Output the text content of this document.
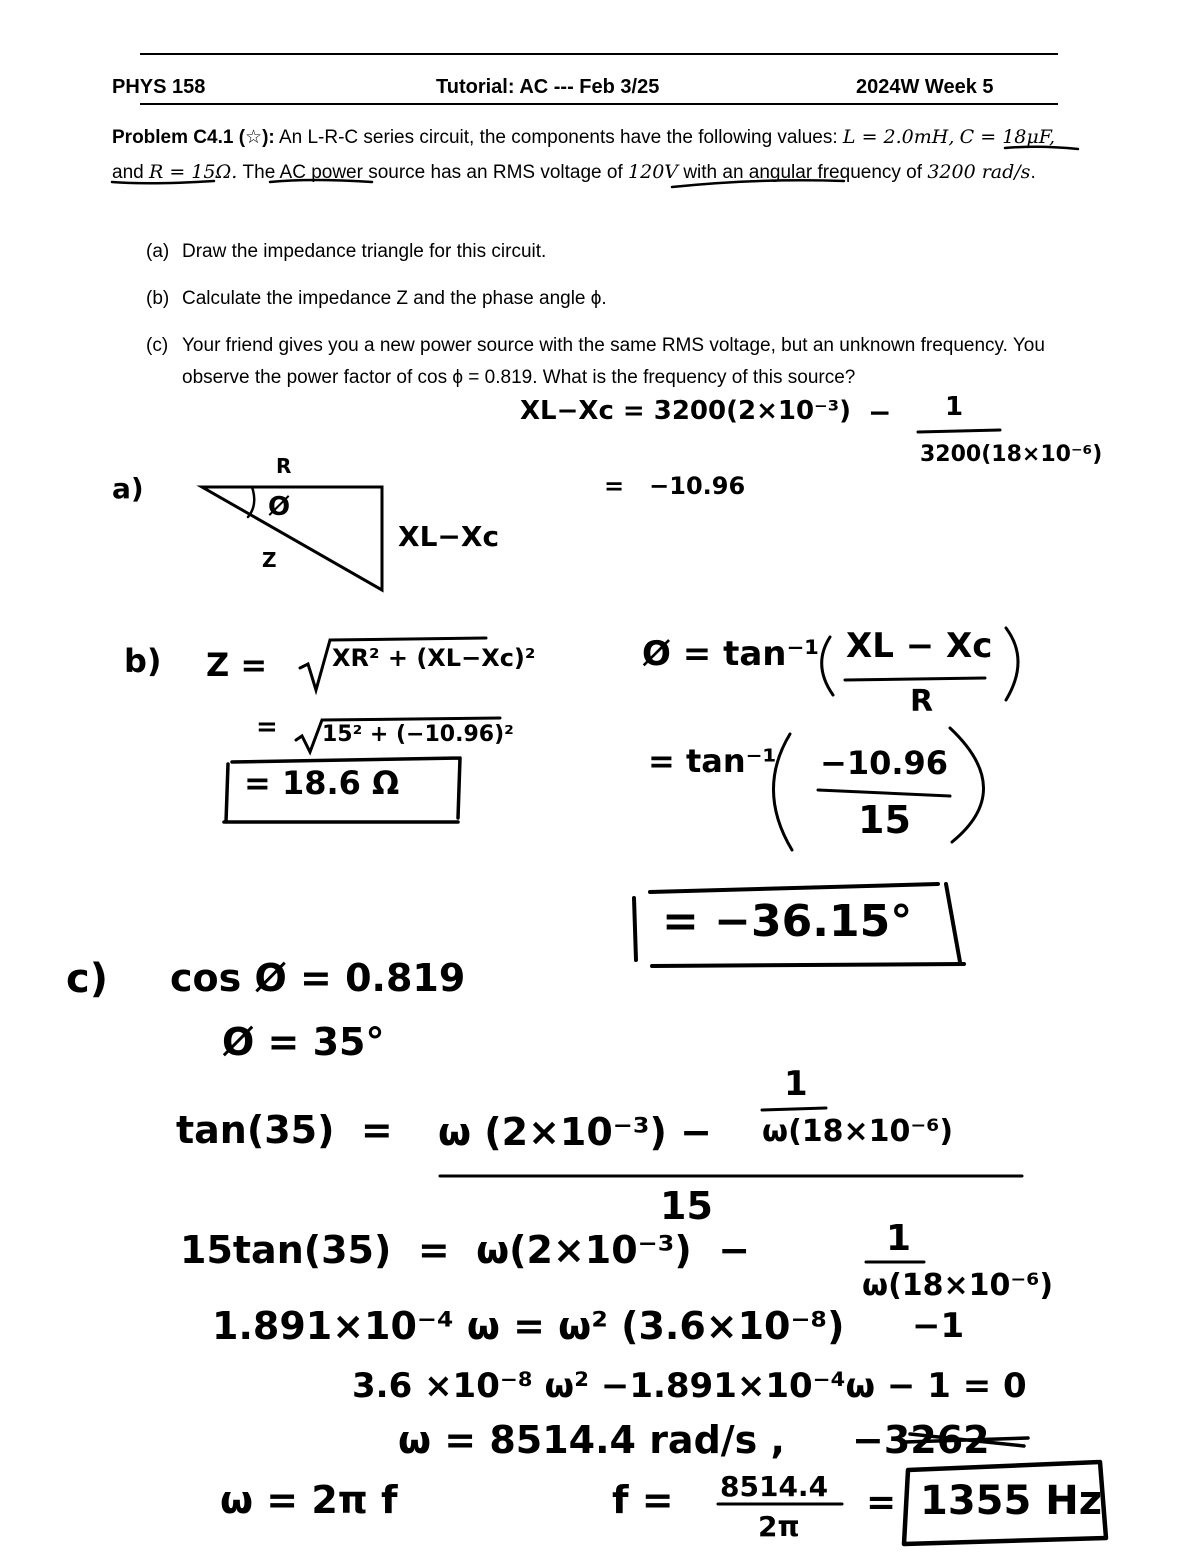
PHYS 158	Tutorial: AC --- Feb 3/25	2024W Week 5
Problem C4.1 (☆): An L-R-C series circuit, the components have the following values: L = 2.0mH, C = 18μF, and R = 15Ω. The AC power source has an RMS voltage of 120V with an angular frequency of 3200 rad/s.
(a) Draw the impedance triangle for this circuit.
(b) Calculate the impedance Z and the phase angle ϕ.
(c) Your friend gives you a new power source with the same RMS voltage, but an unknown frequency. You observe the power factor of cos ϕ = 0.819. What is the frequency of this source?
XL−Xc = 3200(2×10⁻³) − 1
3200(18×10⁻⁶)
=   −10.96
a)
R
Ø
Z
XL−Xc
b) Z =	XR² + (XL−Xc)²
= 15² + (−10.96)²
= 18.6 Ω
Ø = tan⁻¹ XL − Xc
R
= tan⁻¹ −10.96
15
= −36.15°
c) cos Ø = 0.819
Ø = 35°
tan(35)  = ω (2×10⁻³) −
1
ω(18×10⁻⁶)
15
15tan(35)  =  ω(2×10⁻³)  −	1
ω(18×10⁻⁶)
1.891×10⁻⁴ ω = ω² (3.6×10⁻⁸) −1
3.6 ×10⁻⁸ ω² −1.891×10⁻⁴ω − 1 = 0
ω = 8514.4 rad/s , −3262
ω = 2π f	f = 8514.4
2π
= 1355 Hz
